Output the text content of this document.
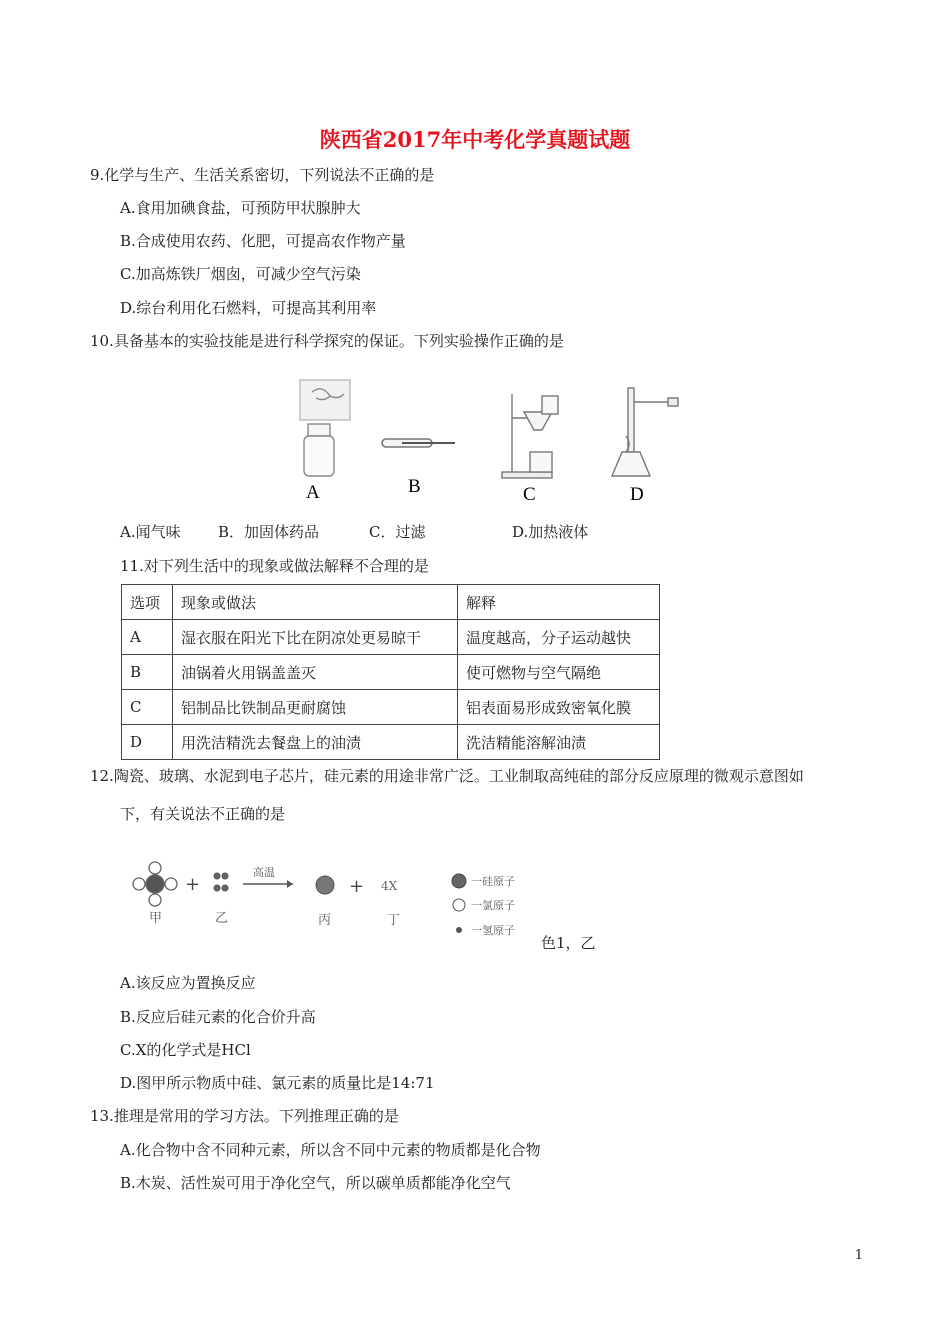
陕西省2017年中考化学真题试题
9.化学与生产、生活关系密切，下列说法不正确的是
A.食用加碘食盐，可预防甲状腺肿大
B.合成使用农药、化肥，可提高农作物产量
C.加高炼铁厂烟囱，可减少空气污染
D.综台利用化石燃料，可提高其利用率
10.具备基本的实验技能是进行科学探究的保证。下列实验操作正确的是
A	B	C	D
A.闻气味 B．加固体药品	C．过滤	D.加热液体
11.对下列生活中的现象或做法解释不合理的是
选项	现象或做法	解释
A	湿衣服在阳光下比在阴凉处更易晾干	温度越高，分子运动越快
B	油锅着火用锅盖盖灭	使可燃物与空气隔绝
C	铝制品比铁制品更耐腐蚀	铝表面易形成致密氧化膜
D	用洗洁精洗去餐盘上的油渍	洗洁精能溶解油渍
12.陶瓷、玻璃、水泥到电子芯片，硅元素的用途非常广泛。工业制取高纯硅的部分反应原理的微观示意图如
下，有关说法不正确的是
甲
+
乙
高温
丙
+ 4X
丁
一硅原子
一氯原子
一氢原子
色1，乙
A.该反应为置换反应
B.反应后硅元素的化合价升高
C.X的化学式是HCl
D.图甲所示物质中硅、氯元素的质量比是14:71
13.推理是常用的学习方法。下列推理正确的是
A.化合物中含不同种元素，所以含不同中元素的物质都是化合物
B.木炭、活性炭可用于净化空气，所以碳单质都能净化空气
1
